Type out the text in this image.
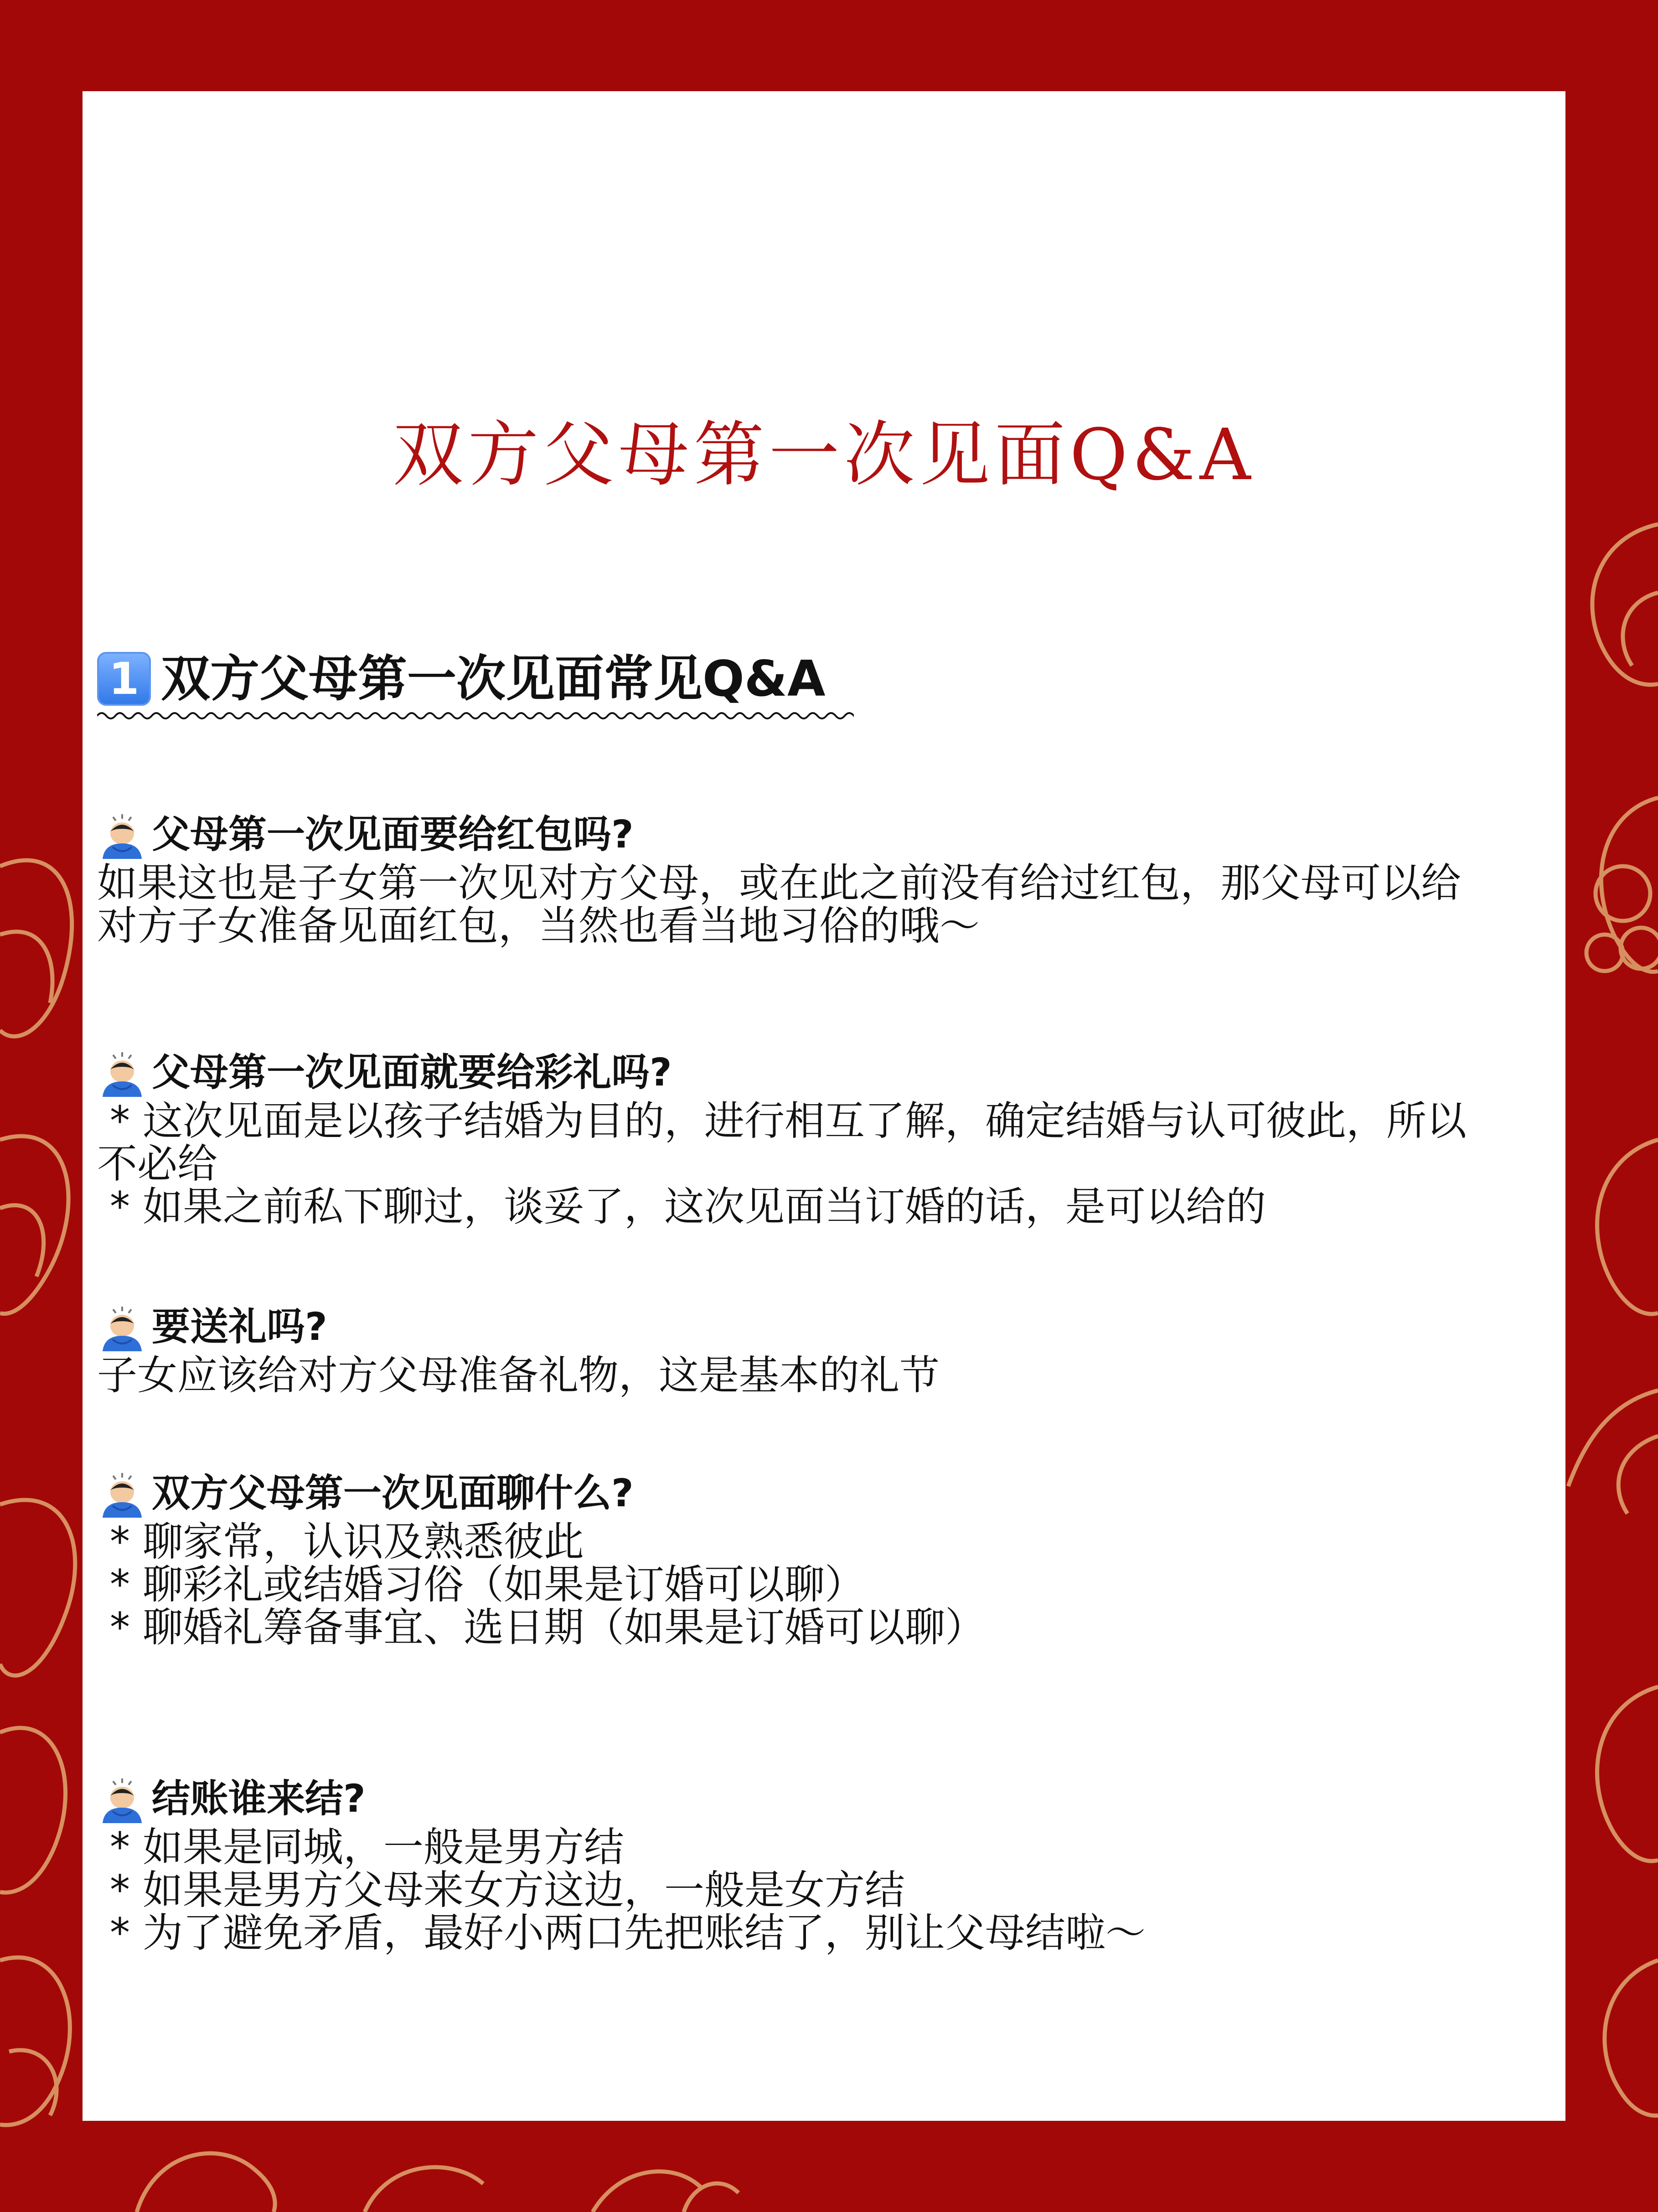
双方父母第一次见面Q&A
1 双方父母第一次见面常见Q&A
父母第一次见面要给红包吗?

如果这也是子女第一次见对方父母，或在此之前没有给过红包，那父母可以给

对方子女准备见面红包，当然也看当地习俗的哦～

父母第一次见面就要给彩礼吗?

* 这次见面是以孩子结婚为目的，进行相互了解，确定结婚与认可彼此，所以

不必给

* 如果之前私下聊过，谈妥了，这次见面当订婚的话，是可以给的

要送礼吗?

子女应该给对方父母准备礼物，这是基本的礼节

双方父母第一次见面聊什么?

* 聊家常，认识及熟悉彼此

* 聊彩礼或结婚习俗（如果是订婚可以聊）

* 聊婚礼筹备事宜、选日期（如果是订婚可以聊）

结账谁来结?

* 如果是同城，一般是男方结

* 如果是男方父母来女方这边，一般是女方结

* 为了避免矛盾，最好小两口先把账结了，别让父母结啦～
